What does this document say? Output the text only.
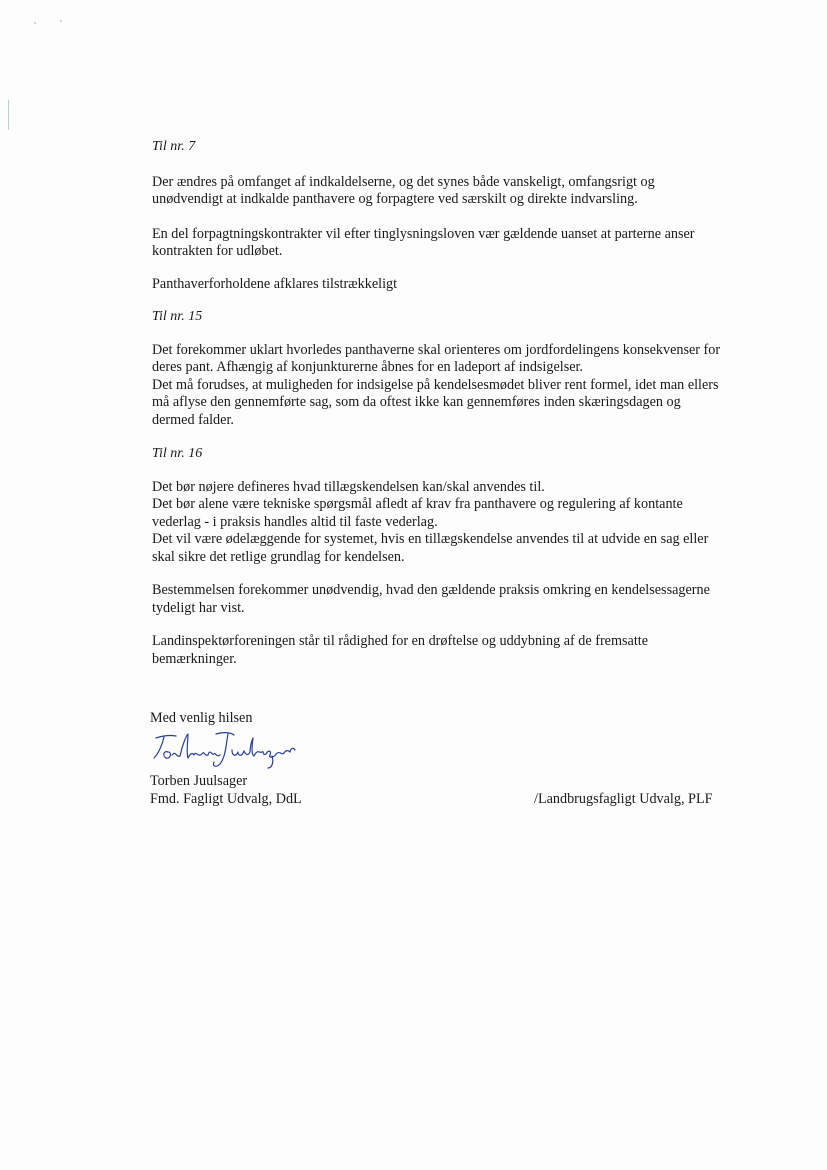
Til nr. 7

Der ændres på omfanget af indkaldelserne, og det synes både vanskeligt, omfangsrigt og
unødvendigt at indkalde panthavere og forpagtere ved særskilt og direkte indvarsling.

En del forpagtningskontrakter vil efter tinglysningsloven vær gældende uanset at parterne anser
kontrakten for udløbet.

Panthaverforholdene afklares tilstrækkeligt

Til nr. 15

Det forekommer uklart hvorledes panthaverne skal orienteres om jordfordelingens konsekvenser for
deres pant. Afhængig af konjunkturerne åbnes for en ladeport af indsigelser.
Det må forudses, at muligheden for indsigelse på kendelsesmødet bliver rent formel, idet man ellers
må aflyse den gennemførte sag, som da oftest ikke kan gennemføres inden skæringsdagen og
dermed falder.

Til nr. 16

Det bør nøjere defineres hvad tillægskendelsen kan/skal anvendes til.
Det bør alene være tekniske spørgsmål afledt af krav fra panthavere og regulering af kontante
vederlag - i praksis handles altid til faste vederlag.
Det vil være ødelæggende for systemet, hvis en tillægskendelse anvendes til at udvide en sag eller
skal sikre det retlige grundlag for kendelsen.

Bestemmelsen forekommer unødvendig, hvad den gældende praksis omkring en kendelsessagerne
tydeligt har vist.

Landinspektørforeningen står til rådighed for en drøftelse og uddybning af de fremsatte
bemærkninger.

Med venlig hilsen
Torben Juulsager
Fmd. Fagligt Udvalg, DdL	/Landbrugsfagligt Udvalg, PLF
